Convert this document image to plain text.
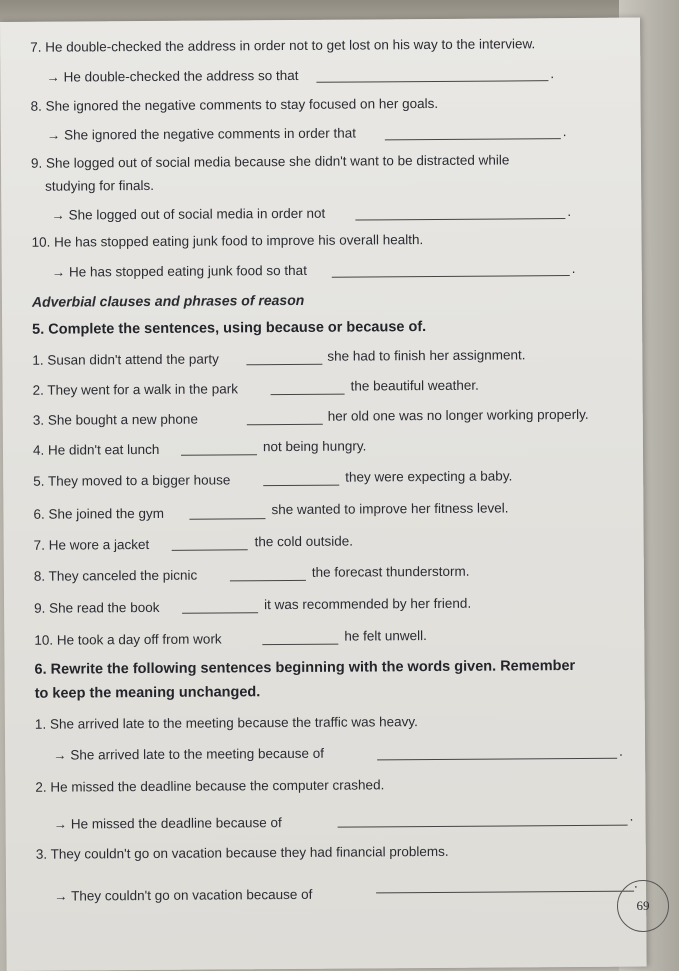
7. He double-checked the address in order not to get lost on his way to the interview.
→ He double-checked the address so that	.
8. She ignored the negative comments to stay focused on her goals.
→ She ignored the negative comments in order that	.
9. She logged out of social media because she didn't want to be distracted while
studying for finals.
→ She logged out of social media in order not	.
10. He has stopped eating junk food to improve his overall health.
→ He has stopped eating junk food so that	.
Adverbial clauses and phrases of reason
5. Complete the sentences, using because or because of.
1. Susan didn't attend the party	she had to finish her assignment.
2. They went for a walk in the park	the beautiful weather.
3. She bought a new phone	her old one was no longer working properly.
4. He didn't eat lunch	not being hungry.
5. They moved to a bigger house	they were expecting a baby.
6. She joined the gym	she wanted to improve her fitness level.
7. He wore a jacket	the cold outside.
8. They canceled the picnic	the forecast thunderstorm.
9. She read the book	it was recommended by her friend.
10. He took a day off from work	he felt unwell.
6. Rewrite the following sentences beginning with the words given. Remember
to keep the meaning unchanged.
1. She arrived late to the meeting because the traffic was heavy.
→ She arrived late to the meeting because of	.
2. He missed the deadline because the computer crashed.
→ He missed the deadline because of	.
3. They couldn't go on vacation because they had financial problems.
→ They couldn't go on vacation because of
.
69
